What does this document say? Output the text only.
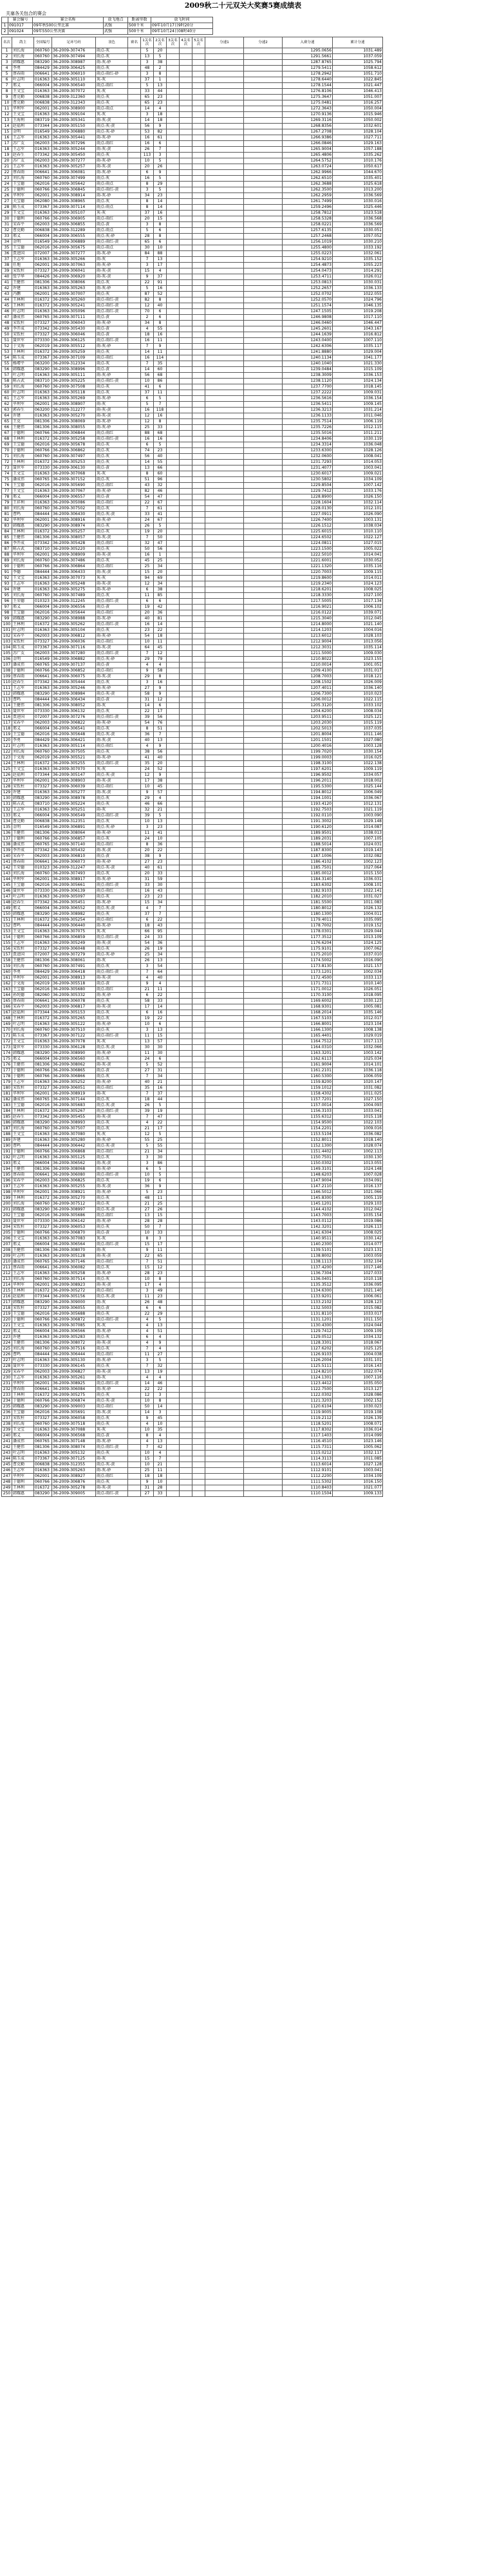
2009秋二十元双关大奖赛5赛成绩表
关塞各关包合的赛会
	赛会编号	赛会名称	放飞地点	距离里数	放飞时间
1	091017	09年秋500公里比赛	武强	500千米	09年10月17日9时20分
2	091024	09年550公里决赛	武强	500千米	09年10月24日08时40分
名次	鸽主	全国编号	足环号码	羽色	赛名	1关名次	2关名次	3关名次	4关名次	5关名次	分速1	分速2	入赛分速	累计分速
1	刘长海	060760	36-2009-307476	雨点-灰		5	20						1295.0656	1031.489
2	刘长海	060760	36-2009-307494	雨点-灰		13	5						1291.5661	1037.059
3	韩耀惠	083290	36-2009-308987	雨-灰-砂		3	38						1287.8765	1025.794
4	李勇	084429	36-2009-306425	雨点-灰		48	2						1279.5411	1058.612
5	蔡春雨	006641	36-2009-306010	雨点-雨红-砂		3	8						1278.2942	1051.710
6	叶志明	016363	36-2009-305110	灰-灰		37	1						1278.6440	1022.845
7	邢义	066004	36-2009-306540	雨点-雨红		5	13						1278.1544	1021.447
8	王文宝	016363	36-2009-307072	灰-灰		33	44						1276.8106	1046.413
9	曹克勤	006838	36-2009-312360	雨点-灰		65	23						1275.3647	1051.007
10	曹克勤	006838	36-2009-312343	雨点-灰		65	23						1275.0481	1016.257
11	毕利军	062001	36-2009-308900	雨点-雨点		14	4						1272.3643	1050.004
12	王文宝	016363	36-2009-309104	灰-灰		3	18						1270.9136	1015.946
13	王海利	083719	36-2009-305341	雨-灰-黄		14	18						1269.3116	1050.002
14	赵福利	073344	36-2009-305150	雨点-灰-黄		56	9						1268.8356	1032.601
15	金明	016549	36-2009-306880	雨点-灰-砂		53	82						1267.2708	1028.104
16	王志军	016363	36-2009-305441	雨-灰-砂		16	61						1266.9386	1027.711
17	苏广友	062003	36-2009-307296	雨点-雨红		16	6						1266.0846	1029.163
18	王志军	016363	36-2009-305244	雨-灰-黄		26	7						1265.9004	1057.188
19	赵春生	073342	36-2009-305450	雨点-灰		113	3						1265.4806	1035.262
20	苏广友	062003	36-2009-307277	雨-灰-砂		10	5						1264.5752	1010.176
21	王志军	016363	36-2009-305257	雨-灰-黄		20	26						1263.0724	1050.617
22	蔡春雨	006641	36-2009-306081	雨-灰-砂		6	9						1262.9966	1044.670
23	刘长海	060760	36-2009-307499	雨点-灰		16	5						1262.6510	1035.401
24	王宝德	062016	36-2009-305642	雨点-雨点		8	29						1262.3688	1025.618
25	于德利	060766	36-2009-306845	雨点-雨红-黄		3	5						1262.3500	1013.200
26	毕利军	062001	36-2009-308914	雨-灰-砂		34	23						1262.2959	1036.569
27	关宝德	062080	36-2009-308965	雨点-灰		8	14						1261.7499	1030.016
28	陈玉成	073367	36-2009-307114	雨点-雨点		8	14						1259.2496	1025.446
29	王文宝	016363	36-2009-305107	灰-灰		37	16						1258.7812	1023.518
30	于德利	060766	36-2009-306905	雨点-雨红		20	15						1258.5328	1036.568
31	宋春平	062003	36-2009-306855	雨点-黄		3	8						1258.0221	1036.569
32	曹克勤	006838	36-2009-312289	雨点-雨点		5	6						1257.6135	1030.051
33	邢义	066004	36-2009-306555	雨点-灰-砂		28	8						1257.2468	1057.052
34	金明	016549	36-2009-306889	雨点-雨红-黄		65	6						1256.1019	1030.210
35	王宝德	062016	36-2009-305675	雨点-雨点		30	10						1255.4800	1033.192
36	贾进国	072007	36-2009-307277	雨-灰-砂		84	88						1255.0223	1032.061
37	王志军	016363	36-2009-305266	雨-灰		7	13						1254.9210	1035.152
38	任地	062001	36-2009-307063	雨-灰-砂		3	17						1254.4873	1055.223
39	宋钦柱	073327	36-2009-306041	雨-灰-黄		15	4						1254.0473	1014.291
40	张学华	084426	36-2009-306920	雨-灰-黄		9	37						1253.4711	1026.012
41	王健伟	081306	36-2009-308066	雨点-灰		22	91						1253.0813	1030.031
42	许建	016363	36-2009-305263	雨-灰-砂		5	16						1252.2657	1036.133
43	冯鹏	062001	36-2009-307007	雨点-灰		87	52						1252.0702	1022.055
44	王林利	016372	36-2009-305260	雨点-雨红-黄		82	8						1252.0570	1024.796
45	王林利	016372	36-2009-305241	雨点-雨红-黄		12	40						1251.1574	1046.135
46	叶志明	016363	36-2009-305096	雨点-雨红-黄		70	6						1247.1505	1019.208
47	潘成伟	060765	36-2009-307111	雨点-黄		2	6						1246.9808	1017.110
48	宋钦柱	073327	36-2009-306043	雨-灰-砂		34	8						1246.0460	1046.447
49	李开成	073342	36-2009-305430	雨点-黄		4	55						1245.2601	1043.167
50	宋钦柱	073327	36-2009-306046	雨点-黄		18	16						1244.1639	1016.812
51	聂世军	073330	36-2009-306125	雨点-雨红-黄		16	11						1243.0400	1007.110
52	于文海	062019	36-2009-305512	雨-灰-砂		7	9						1242.6306	1035.117
53	王林利	016372	36-2009-305259	雨点-灰		14	11						1241.8880	1029.004
54	陈玉成	073367	36-2009-307109	雨点-雨红		16	114						1240.1134	1041.177
55	杨增平	063200	36-2009-312334	雨点-灰		7	35						1240.1040	1021.330
56	韩耀惠	083290	36-2009-308996	雨点-黄		14	60						1239.0484	1015.109
57	叶志明	016363	36-2009-305111	雨-灰-砂		56	68						1238.3009	1036.153
58	陈占武	083710	36-2009-305225	雨点-雨红-黄		10	86						1238.1120	1024.134
59	刘长海	060760	36-2009-307508	雨点-灰		41	6						1237.7700	1018.145
60	叶志明	016363	36-2009-305118	雨点-灰		37	11						1237.2222	1009.031
61	王志军	016363	36-2009-305269	雨-灰-砂		6	5						1236.5616	1036.154
62	毕利军	062001	36-2009-308907	雨-灰		5	7						1236.5411	1009.145
63	郭春生	063200	36-2009-312277	雨-灰-黄		16	118						1236.3213	1031.214
64	许建	016363	36-2009-305270	雨-灰-黄		12	16						1236.1133	1011.046
65	王克	081306	36-2009-308069	雨-灰-砂		12	8						1235.7514	1006.119
66	王健伟	081306	36-2009-308055	雨-灰-砂		25	33						1235.7226	1012.115
67	于德利	060766	36-2009-306844	雨点-雨红		88	68						1235.5016	1011.211
68	王林利	016372	36-2009-305258	雨点-雨红-黄		16	16						1234.8406	1030.119
69	王宝德	062016	36-2009-305678	雨点-灰		6	5						1234.3314	1036.048
70	于德利	060766	36-2009-306862	雨点-灰		74	23						1233.6300	1028.126
71	刘长海	060760	36-2009-307497	雨点-灰		56	40						1232.0600	1008.041
72	王林利	016372	36-2009-305253	雨点-灰		14	55						1231.7293	1014.053
73	聂世军	073330	36-2009-306130	雨点-黄		13	66						1231.4077	1003.041
74	王文宝	016363	36-2009-307068	灰-灰		8	60						1230.6017	1009.021
75	潘成伟	060765	36-2009-307152	雨点-灰		51	96						1230.5802	1034.109
76	王宝德	062016	36-2009-305690	雨点-雨红		43	32						1229.8504	1007.142
77	王文宝	016363	36-2009-307067	雨-灰-砂		82	46						1229.7412	1033.176
78	邢义	066004	36-2009-306557	雨点-黄		54	47						1228.8900	1026.150
79	王祥利	016363	36-2009-305086	雨点-雨红		22	67						1228.1604	1032.114
80	刘长海	060760	36-2009-307502	雨点-灰		7	61						1228.0130	1012.101
81	曹鸣	084444	36-2009-306430	雨点-灰-黄		33	41						1227.0911	1026.090
82	毕利军	062001	36-2009-308916	雨-灰-砂		24	67						1226.7400	1003.131
83	韩耀惠	083290	36-2009-308974	雨点-灰		26	5						1226.1512	1038.034
84	王林利	016372	36-2009-305257	雨点-灰		19	20						1225.6015	1010.110
85	王健伟	081306	36-2009-308057	雨-灰-黄		7	50						1224.6502	1022.127
86	李开成	073342	36-2009-305428	雨点-雨红		32	47						1224.0811	1027.015
87	陈占武	083710	36-2009-305220	雨点-灰		50	56						1223.1500	1005.022
88	毕利军	062001	36-2009-308909	雨-灰-黄		16	1						1222.5010	1014.041
89	刘长海	060760	36-2009-307486	雨点-灰		45	25						1221.6001	1030.052
90	于德利	060766	36-2009-306864	雨点-雨红		25	34						1221.1320	1035.116
91	李德	084444	36-2009-306433	雨-灰-黄		15	20						1220.7003	1009.115
92	王文宝	016363	36-2009-307073	灰-灰		94	69						1219.8600	1014.011
93	王志军	016363	36-2009-305248	雨-灰-黄		12	34						1219.2340	1024.123
94	许建	016363	36-2009-305275	雨-灰-砂		6	38						1218.6201	1008.025
95	刘长海	060760	36-2009-307489	雨点-灰		11	85						1218.3330	1027.100
96	王荣德	010323	36-2009-312245	雨点-雨红-黄		6	6						1217.5005	1017.134
97	邢义	066004	36-2009-306556	雨点-黄		19	42						1216.9021	1006.102
98	王宝德	062016	36-2009-305644	雨点-雨红		20	36						1216.0122	1039.071
99	韩耀惠	083290	36-2009-308988	雨-灰-砂		40	81						1215.3040	1012.045
100	王林利	016372	36-2009-305262	雨点-雨红-黄		16	14						1214.8000	1021.140
101	叶志明	016363	36-2009-305104	雨点-灰		23	22						1214.1203	1004.016
102	宋春平	062003	36-2009-306812	雨-灰-砂		54	18						1213.6012	1028.103
103	宋钦柱	073327	36-2009-306036	雨点-雨红		10	11						1212.9004	1013.056
104	陈玉成	073367	36-2009-307116	雨-灰-黄		64	45						1212.3031	1035.114
105	苏广友	062003	36-2009-307280	雨点-雨红-黄		7	12						1211.5000	1009.030
106	金明	016549	36-2009-306882	雨点-灰-砂		29	79						1210.8022	1023.155
107	潘成伟	060765	36-2009-307137	雨点-黄		4	4						1210.0014	1001.051
108	于德利	060766	36-2009-306852	雨点-雨红		9	58						1209.4100	1031.017
109	蔡春雨	006641	36-2009-306075	雨-灰-黄		29	8						1208.7003	1018.121
110	赵春生	073342	36-2009-305444	雨点-灰		3	16						1208.1502	1026.009
111	王志军	016363	36-2009-305246	雨-灰-砂		27	9						1207.4011	1036.140
112	韩耀惠	083290	36-2009-308984	雨点-灰-黄		58	9						1206.7300	1010.023
113	曹鸣	084444	36-2009-306434	雨点-黄		31	12						1206.0012	1022.115
114	王健伟	081306	36-2009-308052	雨-灰		14	6						1205.3120	1033.102
115	聂世军	073330	36-2009-306132	雨点-灰		22	17						1204.6200	1008.034
116	贾进国	072007	36-2009-307276	雨点-雨红-黄		39	56						1203.9511	1025.121
117	宋春平	062003	36-2009-306822	雨-灰-砂		54	76						1203.2030	1015.119
118	邢义	066004	36-2009-306541	雨点-灰		8	51						1202.5013	1037.035
119	王宝德	062016	36-2009-305648	雨点-灰-黄		36	7						1201.8004	1011.146
120	李勇	084429	36-2009-306421	雨-灰-黄		40	13						1201.1501	1027.080
121	叶志明	016363	36-2009-305114	雨点-雨红		4	9						1200.4016	1003.128
122	刘长海	060760	36-2009-307505	雨点-灰		38	56						1199.7020	1030.154
123	于文海	062019	36-2009-305521	雨-灰-砂		41	40						1199.0003	1016.025
124	王林利	016372	36-2009-305255	雨点-雨红-黄		35	20						1198.3100	1022.138
125	王文宝	016363	36-2009-307070	灰-灰		24	52						1197.6201	1009.119
126	赵福利	073344	36-2009-305147	雨点-灰-黄		12	9						1196.9502	1034.057
127	毕利军	062001	36-2009-308903	雨-灰-黄		17	38						1196.2011	1018.002
128	宋钦柱	073327	36-2009-306039	雨点-雨红		10	45						1195.5300	1025.144
129	许建	016363	36-2009-305277	雨-灰-黄		9	57						1194.8012	1006.049
130	韩耀惠	083290	36-2009-308978	雨点-灰		29	4						1194.1001	1036.067
131	陈占武	083710	36-2009-305224	雨点-灰		46	66						1193.4120	1012.131
132	王志军	016363	36-2009-305251	雨-灰		32	21						1192.7503	1021.119
133	邢义	066004	36-2009-306549	雨点-雨红-黄		39	5						1192.0110	1003.090
134	曹克勤	006838	36-2009-312351	雨点-灰		10	13						1191.3002	1029.148
135	金明	016549	36-2009-306891	雨点-灰-砂		3	23						1190.6120	1014.087
136	王健伟	081306	36-2009-308064	雨-灰-砂		11	41						1189.9501	1038.013
137	于德利	060766	36-2009-306857	雨点-灰		24	10						1189.2031	1007.105
138	潘成伟	060765	36-2009-307140	雨点-雨红		8	36						1188.5014	1024.031
139	李开成	073342	36-2009-305432	雨-灰-黄		20	22						1187.8300	1019.143
140	宋春平	062003	36-2009-306810	雨点-黄		38	9						1187.1006	1032.082
141	蔡春雨	006641	36-2009-306073	雨-灰-砂		27	23						1186.4102	1002.123
142	王荣德	010323	36-2009-312247	雨点-灰-黄		40	61						1185.7501	1027.064
143	刘长海	060760	36-2009-307493	雨点-灰		20	33						1185.0012	1015.150
144	毕利军	062001	36-2009-308917	雨-灰-砂		31	59						1184.3140	1036.031
145	王宝德	062016	36-2009-305661	雨点-雨红-黄		33	30						1183.6302	1008.101
146	聂世军	073330	36-2009-306139	雨点-雨红		16	43						1182.9103	1022.141
147	叶志明	016363	36-2009-305097	雨点-灰		23	23						1182.2010	1031.027
148	赵春生	073342	36-2009-305451	雨-灰-砂		15	34						1181.5500	1011.083
149	邢义	066004	36-2009-306552	雨点-灰-黄		4	7						1180.8012	1026.132
150	韩耀惠	083290	36-2009-308982	雨点-灰		37	7						1180.1300	1004.011
151	王林利	016372	36-2009-305254	雨点-雨红		6	22						1179.4011	1035.095
152	曹鸣	084444	36-2009-306440	雨-灰-砂		18	43						1178.7002	1019.152
153	王文宝	016363	36-2009-307075	灰-灰		66	95						1178.0301	1029.044
154	于德利	060766	36-2009-306859	雨点-雨红-黄		24	33						1177.3512	1013.109
155	王志军	016363	36-2009-305249	雨-灰-黄		54	36						1176.6204	1024.125
156	宋钦柱	073327	36-2009-306048	雨点-灰		26	19						1175.9101	1007.062
157	贾进国	072007	36-2009-307279	雨点-灰-砂		25	34						1175.2010	1037.010
158	王健伟	081306	36-2009-308061	雨-灰		26	13						1174.5002	1016.090
159	刘长海	060760	36-2009-307491	雨点-灰		3	54						1173.8130	1021.157
160	李勇	084429	36-2009-306418	雨点-雨红-黄		7	64						1173.1201	1002.034
161	毕利军	062001	36-2009-308913	雨-灰-黄		4	40						1172.4500	1033.113
162	于文海	062019	36-2009-305518	雨点-黄		9	4						1171.7311	1010.140
163	王宝德	062016	36-2009-305680	雨点-雨红		21	11						1171.0012	1026.051
164	孙纯德	082060	36-2009-305332	雨-灰-砂		6	22						1170.3100	1018.095
165	蔡春雨	006641	36-2009-306078	雨点-灰		58	33						1169.6002	1030.123
166	宋春平	062003	36-2009-306817	雨-灰-黄		17	14						1168.9301	1005.081
167	赵福利	073344	36-2009-305153	雨点-灰		6	16						1168.2014	1035.146
168	王林利	016372	36-2009-305265	雨点-灰		19	22						1167.5103	1012.017
169	叶志明	016363	36-2009-305122	雨-灰-砂		10	6						1166.8001	1023.104
170	刘长海	060760	36-2009-307510	雨点-灰		3	13						1166.1300	1008.138
171	陈玉成	073367	36-2009-307122	雨点-雨红-黄		11	15						1165.4401	1029.019
172	王文宝	016363	36-2009-307078	灰-灰		13	57						1164.7512	1017.113
173	聂世军	073330	36-2009-306128	雨点-灰-黄		30	30						1164.0310	1032.066
174	韩耀惠	083290	36-2009-308990	雨-灰-砂		11	30						1163.3201	1003.142
175	邢义	066004	36-2009-306560	雨点-灰		24	6						1162.6113	1025.034
176	王健伟	081306	36-2009-308062	雨-灰-黄		5	52						1161.9004	1014.101
177	于德利	060766	36-2009-306865	雨点-黄		27	31						1161.2101	1036.118
178	于德利	060766	36-2009-306866	雨点-灰		7	34						1160.5300	1006.059
179	王志军	016363	36-2009-305252	雨-灰-砂		40	21						1159.8200	1020.147
180	宋钦柱	073327	36-2009-306051	雨点-雨红		35	16						1159.1012	1031.082
181	毕利军	062001	36-2009-308919	雨-灰		7	37						1158.4302	1011.025
182	潘成伟	060765	36-2009-307144	雨点-灰		18	44						1157.7201	1027.150
183	王宝德	062016	36-2009-305683	雨点-灰-黄		26	5						1157.0014	1004.093
184	王林利	016372	36-2009-305267	雨点-雨红-黄		39	19						1156.3103	1033.041
185	赵春生	073342	36-2009-305455	雨-灰-黄		7	47						1155.6312	1015.118
186	韩耀惠	083290	36-2009-308993	雨点-灰		4	22						1154.9500	1022.103
187	刘长海	060760	36-2009-307507	雨点-灰		21	17						1154.2201	1009.016
188	王文宝	016363	36-2009-307080	灰-灰		12	5						1153.5104	1036.082
189	许建	016363	36-2009-305280	雨-灰-砂		55	25						1152.8011	1018.140
190	曹鸣	084444	36-2009-306442	雨点-灰-黄		5	55						1152.1300	1028.074
191	于德利	060766	36-2009-306868	雨点-雨红		21	34						1151.4402	1002.113
192	叶志明	016363	36-2009-305125	雨点-灰		3	30						1150.7501	1030.130
193	邢义	066004	36-2009-306562	雨-灰-黄		3	86						1150.0302	1013.055
194	王健伟	081306	36-2009-308068	雨-灰-砂		6	5						1149.3101	1024.148
195	蔡春雨	006641	36-2009-306080	雨点-雨红-黄		10	5						1148.6203	1007.028
196	宋春平	062003	36-2009-306825	雨点-灰		19	6						1147.9004	1034.091
197	王志军	016363	36-2009-305255	雨-灰-黄		36	9						1147.2110	1016.137
198	毕利军	062001	36-2009-308921	雨-灰-砂		5	23						1146.5012	1021.066
199	王林利	016372	36-2009-305270	雨点-灰		48	11						1145.8300	1005.119
200	刘长海	060760	36-2009-307512	雨点-灰		21	25						1145.1201	1029.103
201	韩耀惠	083290	36-2009-308997	雨点-灰-黄		27	26						1144.4102	1012.042
202	王宝德	062016	36-2009-305686	雨点-雨红		13	15						1143.7003	1035.154
203	聂世军	073330	36-2009-306142	雨-灰-砂		28	28						1143.0112	1019.086
204	宋钦柱	073327	36-2009-306053	雨点-灰		50	7						1142.3201	1026.113
205	于德利	060766	36-2009-306870	雨点-黄		10	33						1141.6304	1008.025
206	王文宝	016363	36-2009-307083	灰-灰		8	3						1140.9511	1030.142
207	邢义	066004	36-2009-306564	雨点-雨红-黄		15	17						1140.2300	1014.077
208	王健伟	081306	36-2009-308070	雨-灰		9	11						1139.5101	1023.131
209	叶志明	016363	36-2009-305128	雨-灰-黄		22	65						1138.8002	1003.059
210	潘成伟	060765	36-2009-307146	雨点-雨红		7	51						1138.1113	1032.104
211	蔡春雨	006641	36-2009-306082	雨点-灰		15	12						1137.4200	1017.146
212	王志军	016363	36-2009-305258	雨-灰-砂		28	23						1136.7304	1027.033
213	刘长海	060760	36-2009-307514	雨点-灰		10	8						1136.0401	1010.118
214	毕利军	062001	36-2009-308923	雨-灰-黄		17	4						1135.3512	1036.095
215	王林利	016372	36-2009-305272	雨点-雨红		3	49						1134.6300	1021.140
216	赵福利	073344	36-2009-305156	雨点-灰-黄		11	23						1133.9201	1006.061
217	韩耀惠	083290	36-2009-309000	雨-灰		26	48						1133.2102	1028.123
218	宋钦柱	073327	36-2009-306055	雨点-黄		6	6						1132.5003	1015.082
219	王宝德	062016	36-2009-305688	雨点-灰		22	29						1131.8110	1033.017
220	于德利	060766	36-2009-306872	雨点-雨红-黄		4	5						1131.1201	1011.150
221	王文宝	016363	36-2009-307085	灰-灰		4	13						1130.4300	1024.044
222	邢义	066004	36-2009-306566	雨-灰-砂		4	51						1129.7412	1009.109
223	许建	016363	36-2009-305283	雨点-灰		6	4						1129.0512	1034.132
224	王健伟	081306	36-2009-308072	雨-灰-黄		4	9						1128.3301	1018.067
225	刘长海	060760	36-2009-307516	雨点-灰		7	4						1127.6202	1025.125
226	曹鸣	084444	36-2009-306444	雨点-雨红		11	27						1126.9103	1004.038
227	叶志明	016363	36-2009-305130	雨-灰-砂		3	5						1126.2004	1031.101
228	聂世军	073330	36-2009-306145	雨点-灰		7	32						1125.5111	1016.143
229	宋春平	062003	36-2009-306827	雨-灰-黄		13	19						1124.8210	1022.074
230	王志军	016363	36-2009-305261	雨-灰		4	4						1124.1301	1007.116
231	毕利军	062001	36-2009-308925	雨点-雨红-黄		14	46						1123.4412	1035.050
232	蔡春雨	006641	36-2009-306084	雨-灰-砂		22	22						1122.7500	1013.127
233	王林利	016372	36-2009-305275	雨点-灰		12	3						1122.0302	1028.086
234	于德利	060766	36-2009-306874	雨点-灰-黄		10	8						1121.3203	1002.152
235	韩耀惠	083290	36-2009-309003	雨点-雨红		50	14						1120.6104	1030.023
236	王宝德	062016	36-2009-305691	雨-灰-黄		14	3						1119.9005	1019.108
237	宋钦柱	073327	36-2009-306058	雨点-灰		9	45						1119.2112	1026.139
238	刘长海	060760	36-2009-307518	雨点-灰		4	10						1118.5201	1008.071
239	王文宝	016363	36-2009-307088	灰-灰		10	35						1117.8302	1036.014
240	邢义	066004	36-2009-306568	雨点-黄		8	4						1117.1403	1014.099
241	潘成伟	060765	36-2009-307148	雨-灰-砂		4	13						1116.4510	1023.146
242	王健伟	081306	36-2009-308074	雨点-雨红-黄		7	42						1115.7311	1005.062
243	叶志明	016363	36-2009-305132	雨点-灰		10	4						1115.0212	1032.117
244	陈玉成	073367	36-2009-307125	雨-灰		15	7						1114.3113	1011.085
245	曹克勤	006838	36-2009-312355	雨点-灰-黄		10	21						1113.6014	1027.128
246	王志军	016363	36-2009-305263	雨-灰-砂		25	11						1112.9101	1003.041
247	毕利军	062001	36-2009-308927	雨点-雨红		18	18						1112.2200	1034.109
248	于德利	060766	36-2009-306876	雨点-灰		9	10						1111.5302	1016.150
249	王林利	016372	36-2009-305278	雨-灰-黄		31	28						1110.8403	1021.077
250	韩耀惠	083290	36-2009-309005	雨点-雨红-黄		27	33						1110.1504	1009.133
